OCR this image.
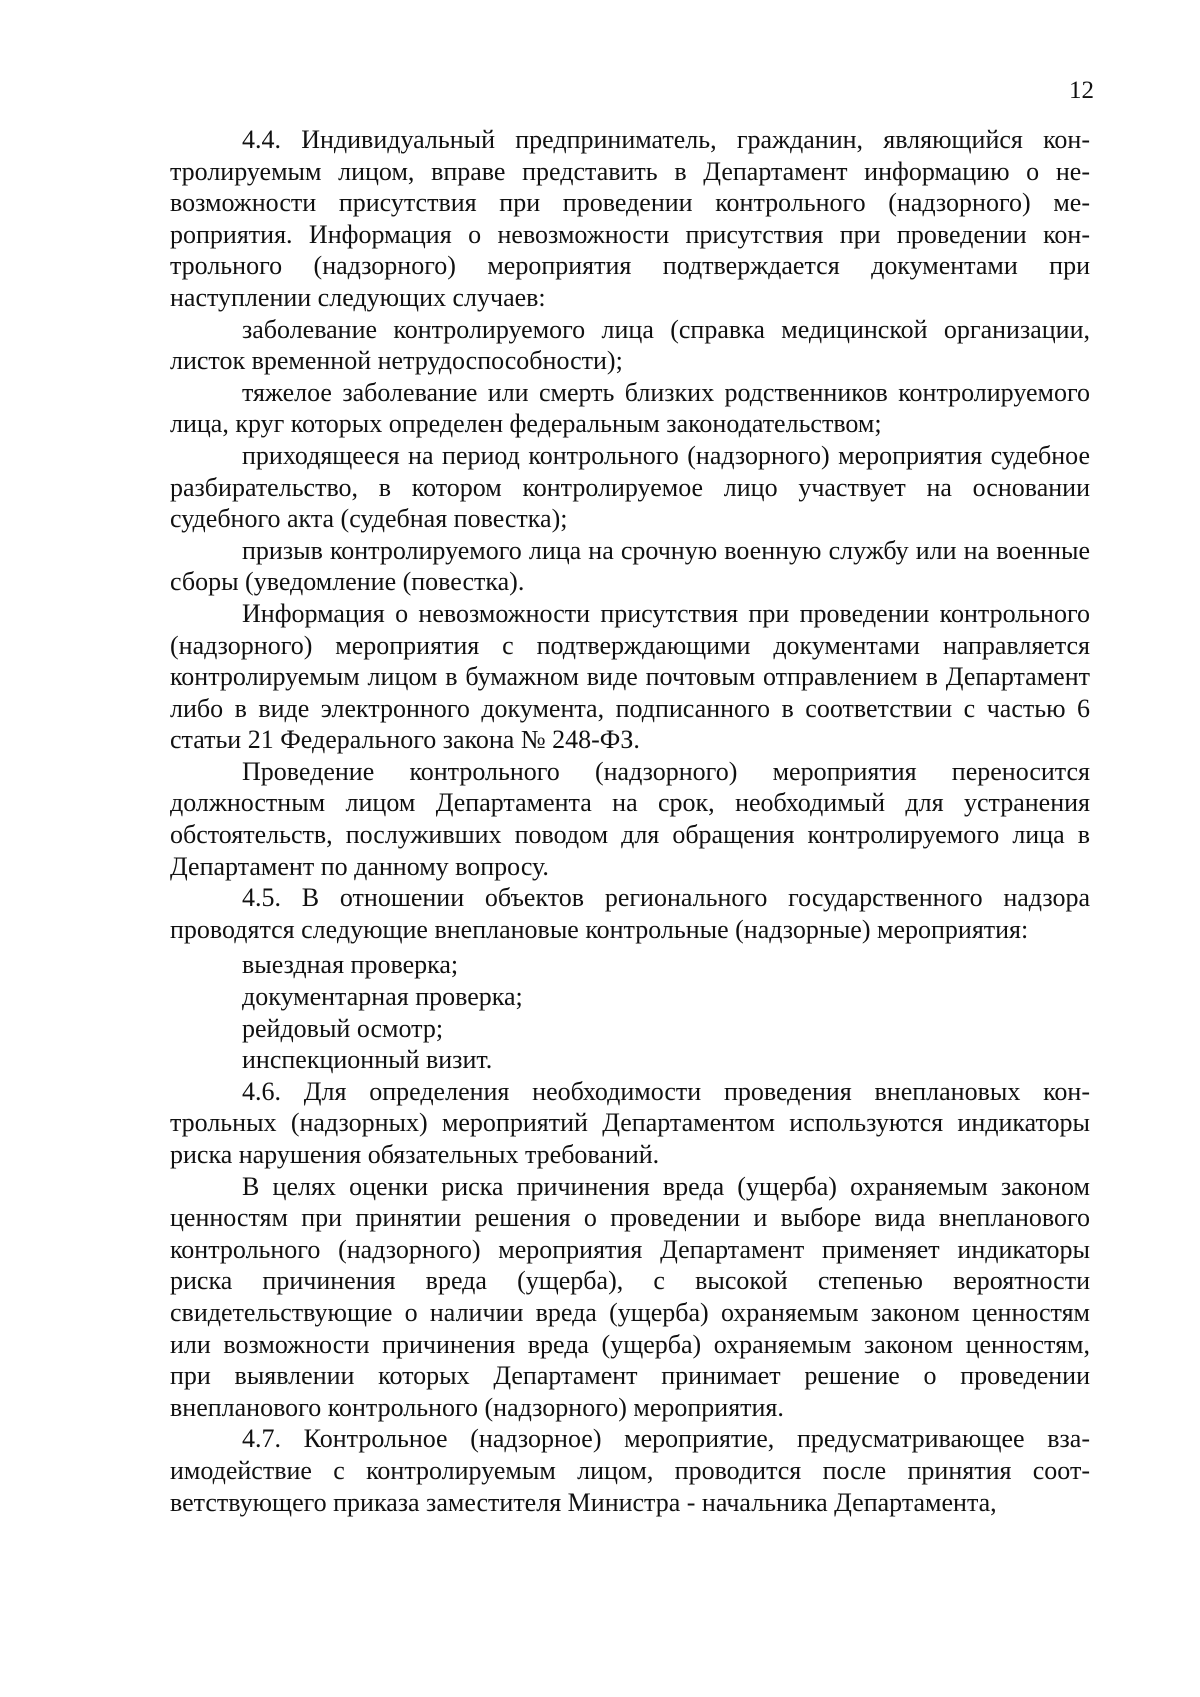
12

4.4. Индивидуальный предприниматель, гражданин, являющийся контролируемым лицом, вправе представить в Департамент информацию о невозможности присутствия при проведении контрольного (надзорного) мероприятия. Информация о невозможности присутствия при проведении контрольного (надзорного) мероприятия подтверждается документами при наступлении следующих случаев:

заболевание контролируемого лица (справка медицинской организации, листок временной нетрудоспособности);

тяжелое заболевание или смерть близких родственников контролируемого лица, круг которых определен федеральным законодательством;

приходящееся на период контрольного (надзорного) мероприятия судебное разбирательство, в котором контролируемое лицо участвует на основании судебного акта (судебная повестка);

призыв контролируемого лица на срочную военную службу или на военные сборы (уведомление (повестка).

Информация о невозможности присутствия при проведении контрольного (надзорного) мероприятия с подтверждающими документами направляется контролируемым лицом в бумажном виде почтовым отправлением в Департамент либо в виде электронного документа, подписанного в соответствии с частью 6 статьи 21 Федерального закона № 248-ФЗ.

Проведение контрольного (надзорного) мероприятия переносится должностным лицом Департамента на срок, необходимый для устранения обстоятельств, послуживших поводом для обращения контролируемого лица в Департамент по данному вопросу.

4.5. В отношении объектов регионального государственного надзора проводятся следующие внеплановые контрольные (надзорные) мероприятия:

выездная проверка;

документарная проверка;

рейдовый осмотр;

инспекционный визит.

4.6. Для определения необходимости проведения внеплановых контрольных (надзорных) мероприятий Департаментом используются индикаторы риска нарушения обязательных требований.

В целях оценки риска причинения вреда (ущерба) охраняемым законом ценностям при принятии решения о проведении и выборе вида внепланового контрольного (надзорного) мероприятия Департамент применяет индикаторы риска причинения вреда (ущерба), с высокой степенью вероятности свидетельствующие о наличии вреда (ущерба) охраняемым законом ценностям или возможности причинения вреда (ущерба) охраняемым законом ценностям, при выявлении которых Департамент принимает решение о проведении внепланового контрольного (надзорного) мероприятия.

4.7. Контрольное (надзорное) мероприятие, предусматривающее взаимодействие с контролируемым лицом, проводится после принятия соответствующего приказа заместителя Министра - начальника Департамента,
